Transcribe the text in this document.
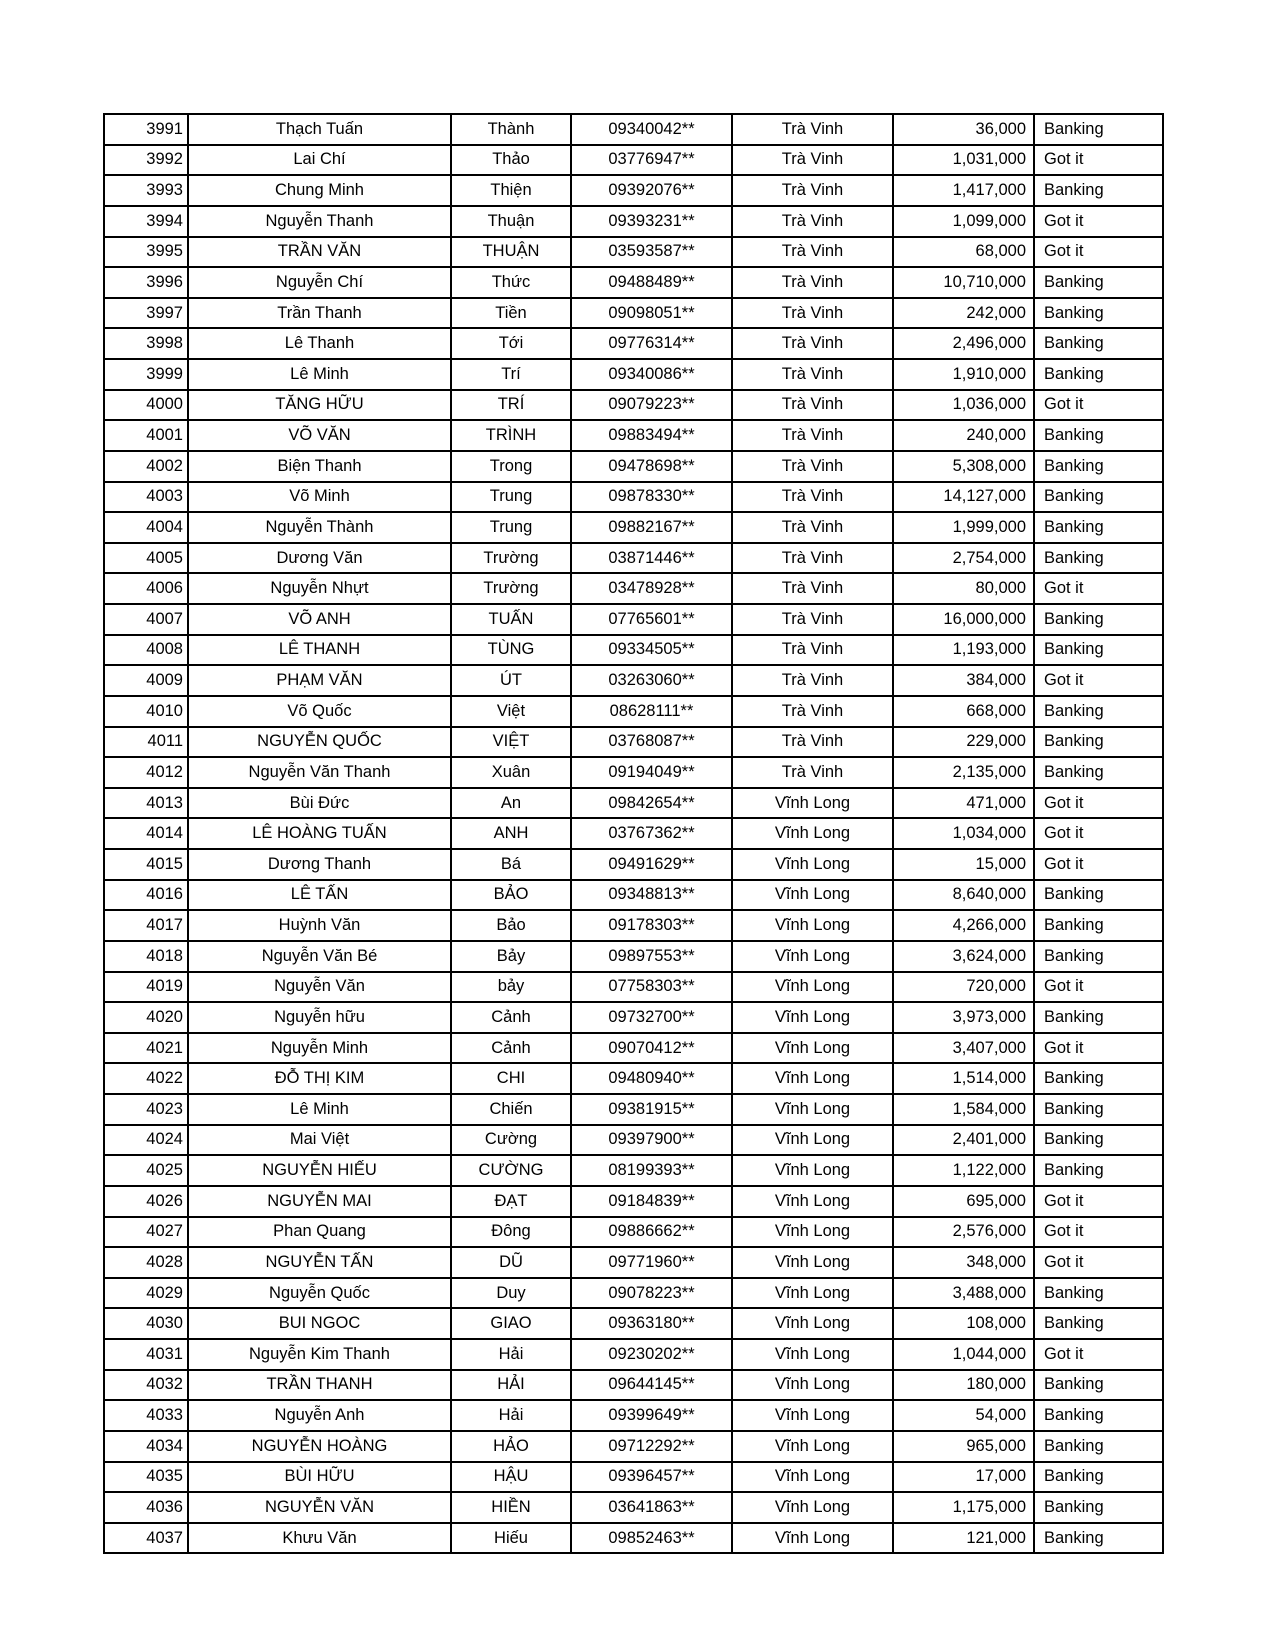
3991	Thạch Tuấn	Thành	09340042**	Trà Vinh	36,000	Banking
3992	Lai Chí	Thảo	03776947**	Trà Vinh	1,031,000	Got it
3993	Chung Minh	Thiện	09392076**	Trà Vinh	1,417,000	Banking
3994	Nguyễn Thanh	Thuận	09393231**	Trà Vinh	1,099,000	Got it
3995	TRẦN VĂN	THUẬN	03593587**	Trà Vinh	68,000	Got it
3996	Nguyễn Chí	Thức	09488489**	Trà Vinh	10,710,000	Banking
3997	Trần Thanh	Tiền	09098051**	Trà Vinh	242,000	Banking
3998	Lê Thanh	Tới	09776314**	Trà Vinh	2,496,000	Banking
3999	Lê Minh	Trí	09340086**	Trà Vinh	1,910,000	Banking
4000	TĂNG HỮU	TRÍ	09079223**	Trà Vinh	1,036,000	Got it
4001	VÕ VĂN	TRÌNH	09883494**	Trà Vinh	240,000	Banking
4002	Biện Thanh	Trong	09478698**	Trà Vinh	5,308,000	Banking
4003	Võ Minh	Trung	09878330**	Trà Vinh	14,127,000	Banking
4004	Nguyễn Thành	Trung	09882167**	Trà Vinh	1,999,000	Banking
4005	Dương Văn	Trường	03871446**	Trà Vinh	2,754,000	Banking
4006	Nguyễn Nhựt	Trường	03478928**	Trà Vinh	80,000	Got it
4007	VÕ ANH	TUẤN	07765601**	Trà Vinh	16,000,000	Banking
4008	LÊ THANH	TÙNG	09334505**	Trà Vinh	1,193,000	Banking
4009	PHẠM VĂN	ÚT	03263060**	Trà Vinh	384,000	Got it
4010	Võ Quốc	Việt	08628111**	Trà Vinh	668,000	Banking
4011	NGUYỄN QUỐC	VIỆT	03768087**	Trà Vinh	229,000	Banking
4012	Nguyễn Văn Thanh	Xuân	09194049**	Trà Vinh	2,135,000	Banking
4013	Bùi Đức	An	09842654**	Vĩnh Long	471,000	Got it
4014	LÊ HOÀNG TUẤN	ANH	03767362**	Vĩnh Long	1,034,000	Got it
4015	Dương Thanh	Bá	09491629**	Vĩnh Long	15,000	Got it
4016	LÊ TẤN	BẢO	09348813**	Vĩnh Long	8,640,000	Banking
4017	Huỳnh Văn	Bảo	09178303**	Vĩnh Long	4,266,000	Banking
4018	Nguyễn Văn Bé	Bảy	09897553**	Vĩnh Long	3,624,000	Banking
4019	Nguyễn Văn	bảy	07758303**	Vĩnh Long	720,000	Got it
4020	Nguyễn hữu	Cảnh	09732700**	Vĩnh Long	3,973,000	Banking
4021	Nguyễn Minh	Cảnh	09070412**	Vĩnh Long	3,407,000	Got it
4022	ĐỖ THỊ KIM	CHI	09480940**	Vĩnh Long	1,514,000	Banking
4023	Lê Minh	Chiến	09381915**	Vĩnh Long	1,584,000	Banking
4024	Mai Việt	Cường	09397900**	Vĩnh Long	2,401,000	Banking
4025	NGUYỄN HIẾU	CƯỜNG	08199393**	Vĩnh Long	1,122,000	Banking
4026	NGUYỄN MAI	ĐẠT	09184839**	Vĩnh Long	695,000	Got it
4027	Phan Quang	Đông	09886662**	Vĩnh Long	2,576,000	Got it
4028	NGUYỄN TẤN	DŨ	09771960**	Vĩnh Long	348,000	Got it
4029	Nguyễn Quốc	Duy	09078223**	Vĩnh Long	3,488,000	Banking
4030	BUI NGOC	GIAO	09363180**	Vĩnh Long	108,000	Banking
4031	Nguyễn Kim Thanh	Hải	09230202**	Vĩnh Long	1,044,000	Got it
4032	TRẦN THANH	HẢI	09644145**	Vĩnh Long	180,000	Banking
4033	Nguyễn Anh	Hải	09399649**	Vĩnh Long	54,000	Banking
4034	NGUYỄN HOÀNG	HẢO	09712292**	Vĩnh Long	965,000	Banking
4035	BÙI HỮU	HẬU	09396457**	Vĩnh Long	17,000	Banking
4036	NGUYỄN VĂN	HIỀN	03641863**	Vĩnh Long	1,175,000	Banking
4037	Khưu Văn	Hiếu	09852463**	Vĩnh Long	121,000	Banking
